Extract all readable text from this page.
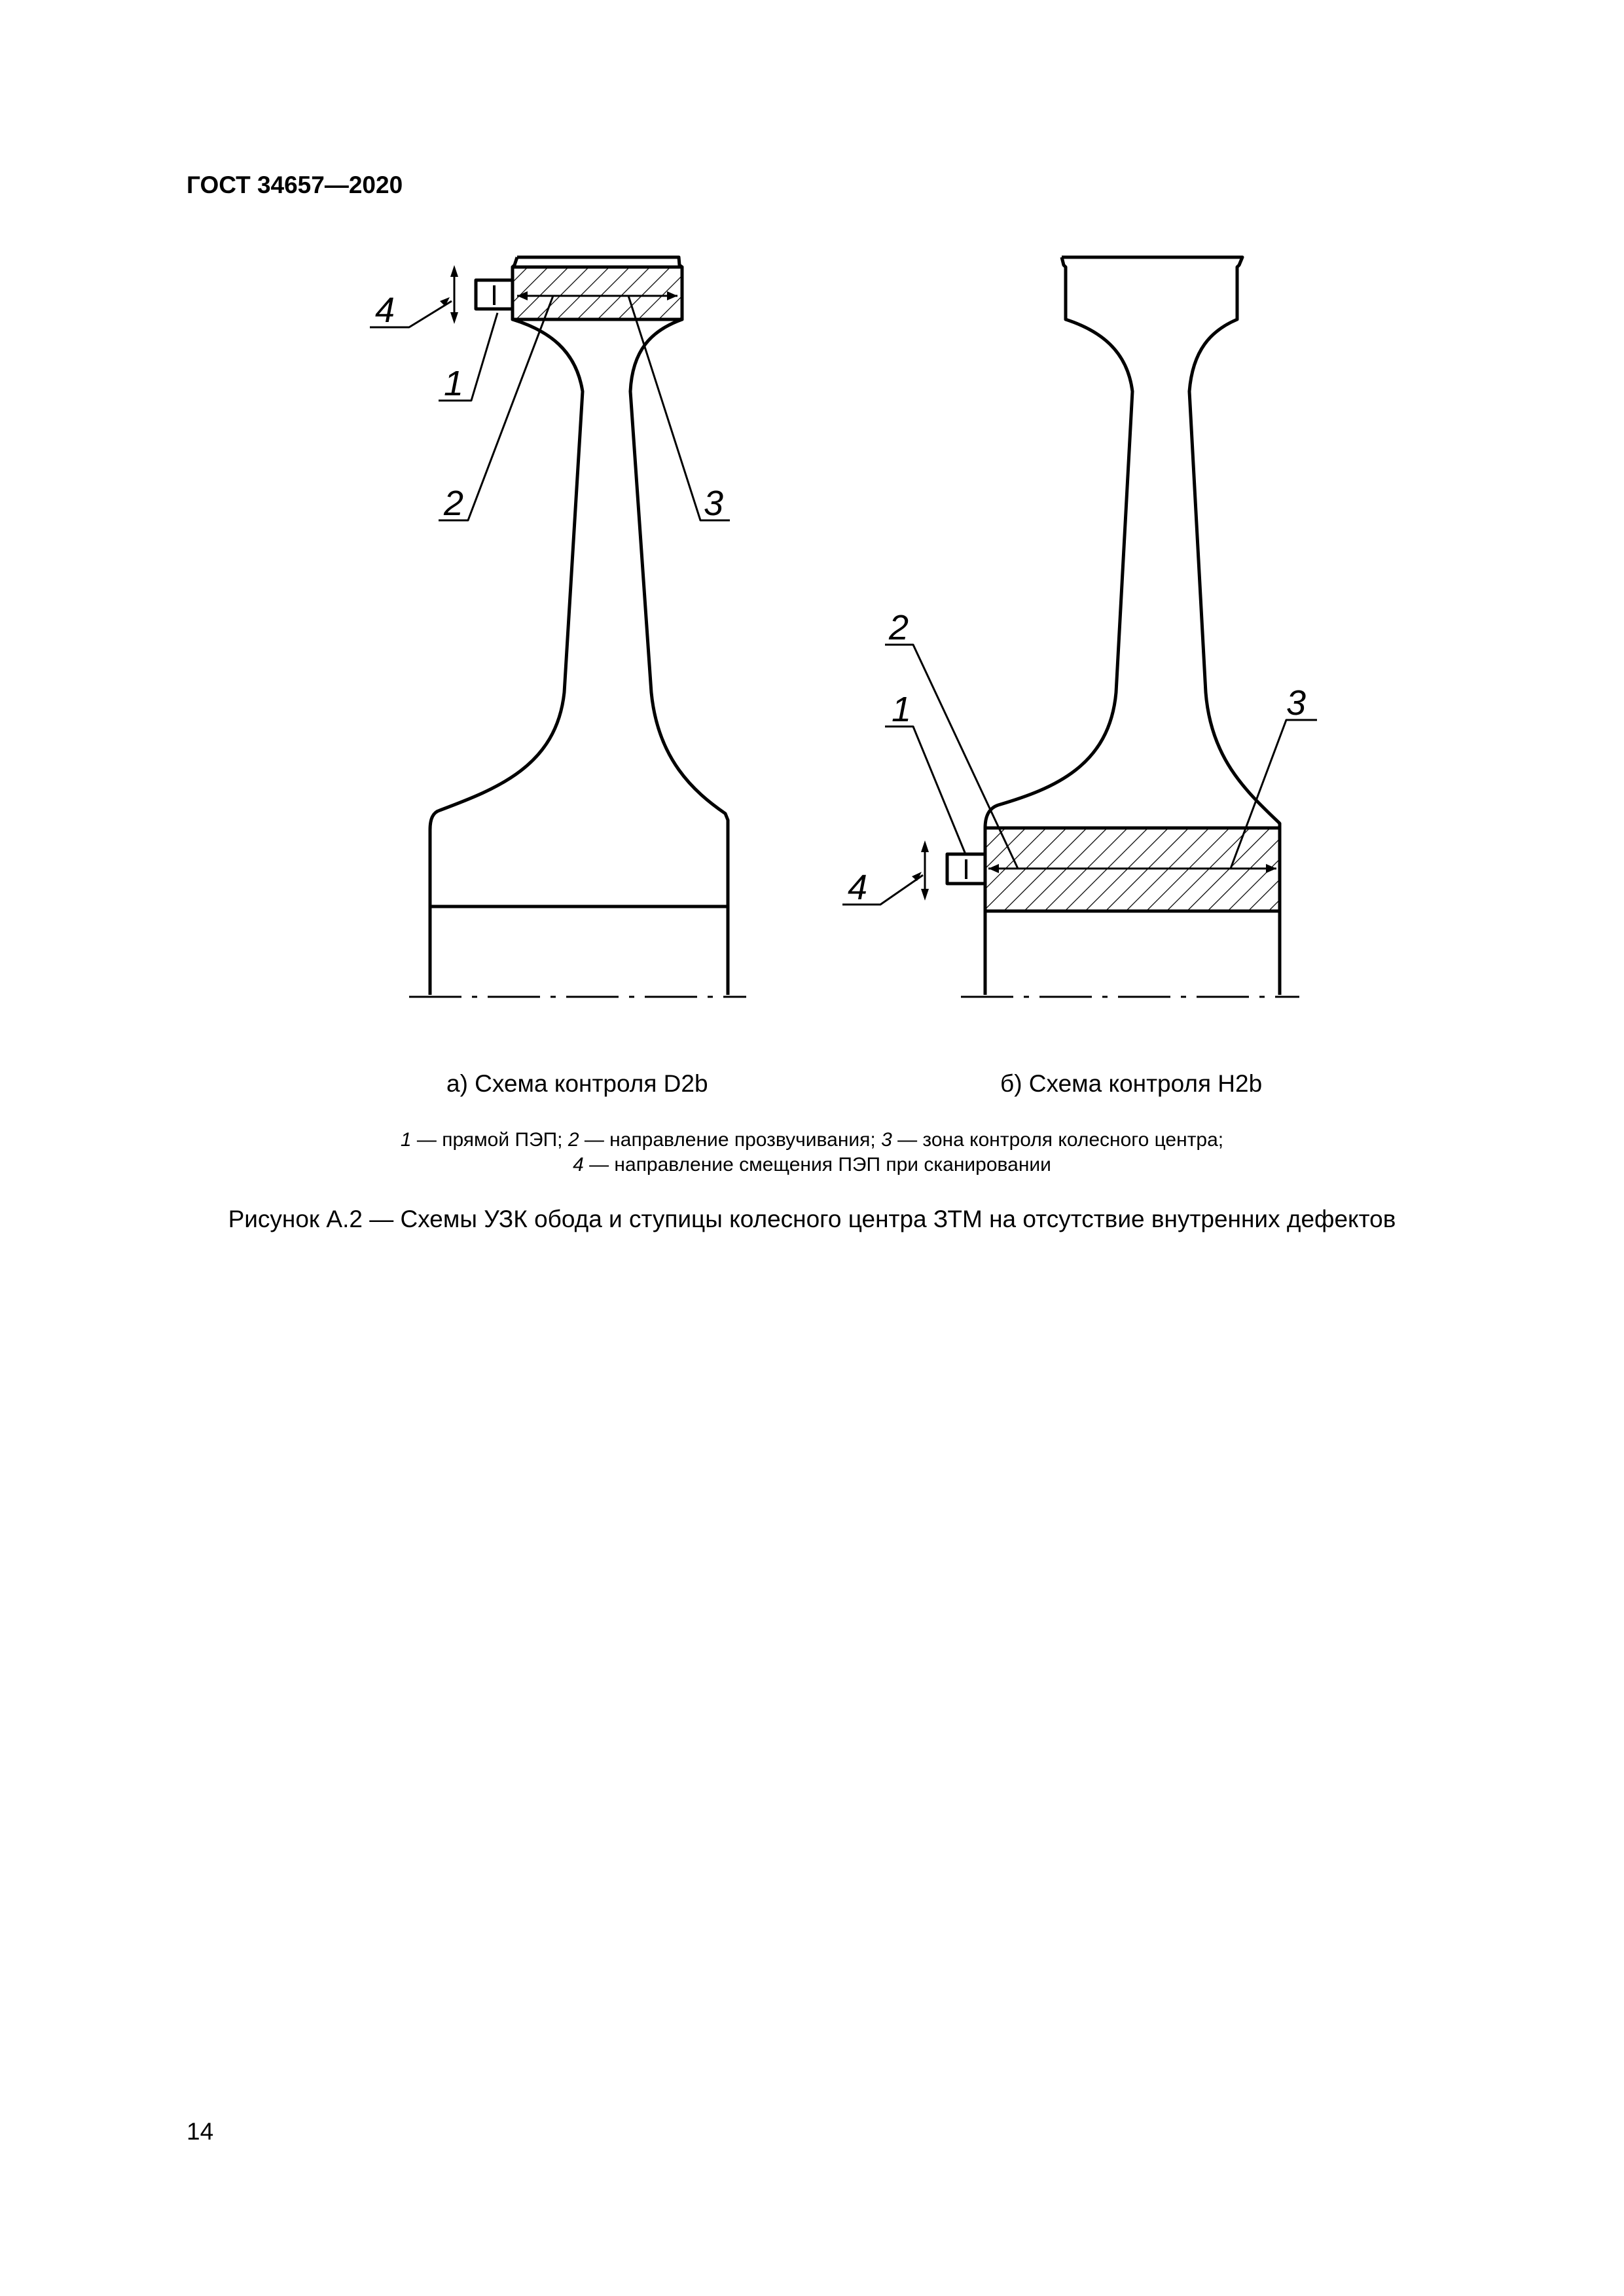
ГОСТ 34657—2020
4
1
2	3
2
1	3
4
а) Схема контроля D2b	б) Схема контроля H2b
1 — прямой ПЭП; 2 — направление прозвучивания; 3 — зона контроля колесного центра;
4 — направление смещения ПЭП при сканировании
Рисунок А.2 — Схемы УЗК обода и ступицы колесного центра ЗТМ на отсутствие внутренних дефектов
14
